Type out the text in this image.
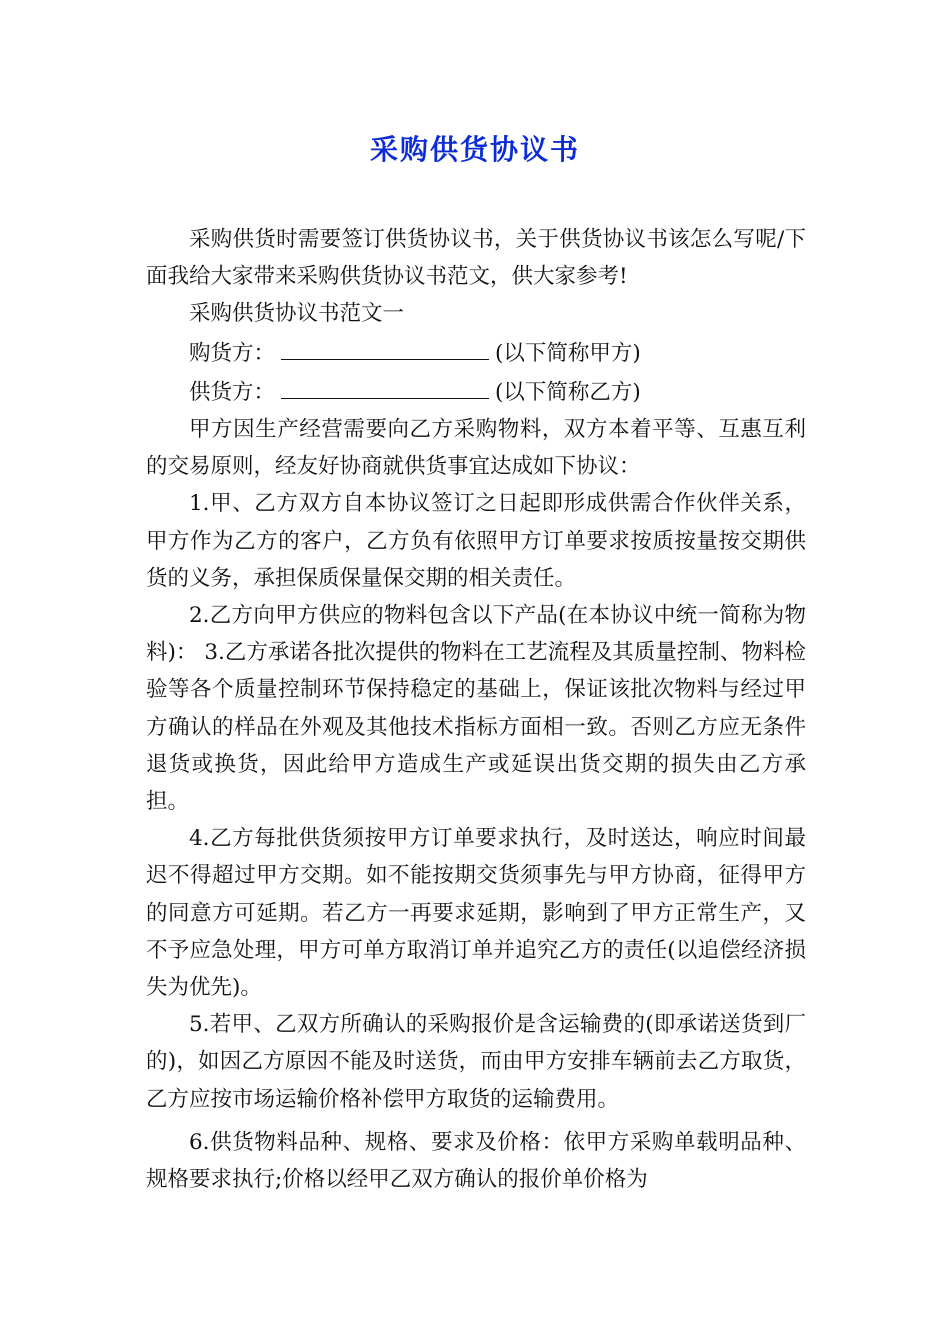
采购供货协议书

采购供货时需要签订供货协议书，关于供货协议书该怎么写呢/下面我给大家带来采购供货协议书范文，供大家参考!

采购供货协议书范文一

购货方：	(以下简称甲方)

供货方：	(以下简称乙方)

甲方因生产经营需要向乙方采购物料，双方本着平等、互惠互利的交易原则，经友好协商就供货事宜达成如下协议：

1.甲、乙方双方自本协议签订之日起即形成供需合作伙伴关系，甲方作为乙方的客户，乙方负有依照甲方订单要求按质按量按交期供货的义务，承担保质保量保交期的相关责任。

2.乙方向甲方供应的物料包含以下产品(在本协议中统一简称为物料)： 3.乙方承诺各批次提供的物料在工艺流程及其质量控制、物料检验等各个质量控制环节保持稳定的基础上，保证该批次物料与经过甲方确认的样品在外观及其他技术指标方面相一致。否则乙方应无条件退货或换货，因此给甲方造成生产或延误出货交期的损失由乙方承担。

4.乙方每批供货须按甲方订单要求执行，及时送达，响应时间最迟不得超过甲方交期。如不能按期交货须事先与甲方协商，征得甲方的同意方可延期。若乙方一再要求延期，影响到了甲方正常生产，又不予应急处理，甲方可单方取消订单并追究乙方的责任(以追偿经济损失为优先)。

5.若甲、乙双方所确认的采购报价是含运输费的(即承诺送货到厂的)，如因乙方原因不能及时送货，而由甲方安排车辆前去乙方取货，乙方应按市场运输价格补偿甲方取货的运输费用。

6.供货物料品种、规格、要求及价格：依甲方采购单载明品种、规格要求执行;价格以经甲乙双方确认的报价单价格为
